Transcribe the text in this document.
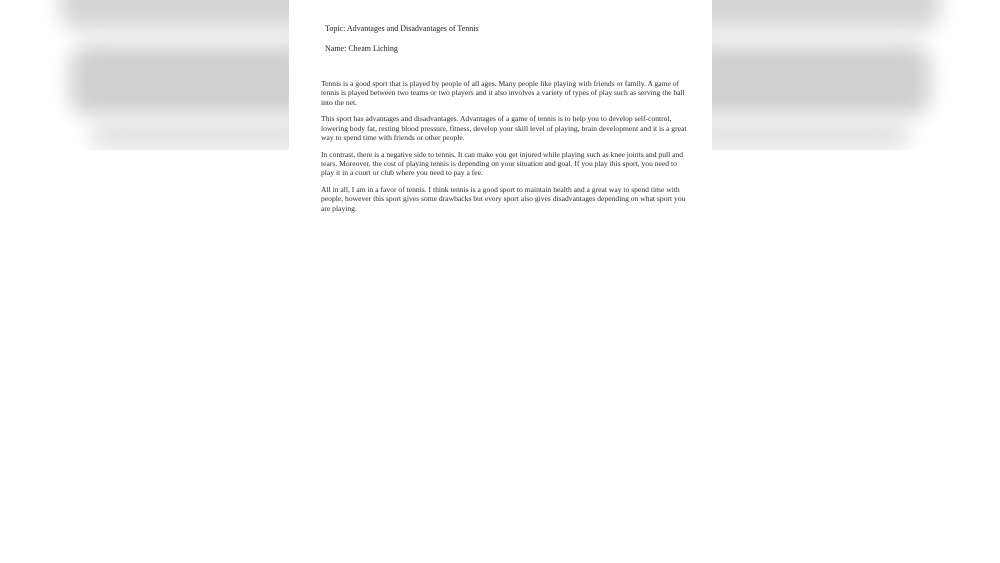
Topic: Advantages and Disadvantages of Tennis
Name: Cheam Liching

Tennis is a good sport that is played by people of all ages. Many people like playing with friends or family. A game of tennis is played between two teams or two players and it also involves a variety of types of play such as serving the ball into the net.

This sport has advantages and disadvantages. Advantages of a game of tennis is to help you to develop self-control, lowering body fat, resting blood pressure, fitness, develop your skill level of playing, brain development and it is a great way to spend time with friends or other people.

In contrast, there is a negative side to tennis. It can make you get injured while playing such as knee joints and pull and tears. Moreover, the cost of playing tennis is depending on your situation and goal. If you play this sport, you need to play it in a court or club where you need to pay a fee.

All in all, I am in a favor of tennis. I think tennis is a good sport to maintain health and a great way to spend time with people, however this sport gives some drawbacks but every sport also gives disadvantages depending on what sport you are playing.
